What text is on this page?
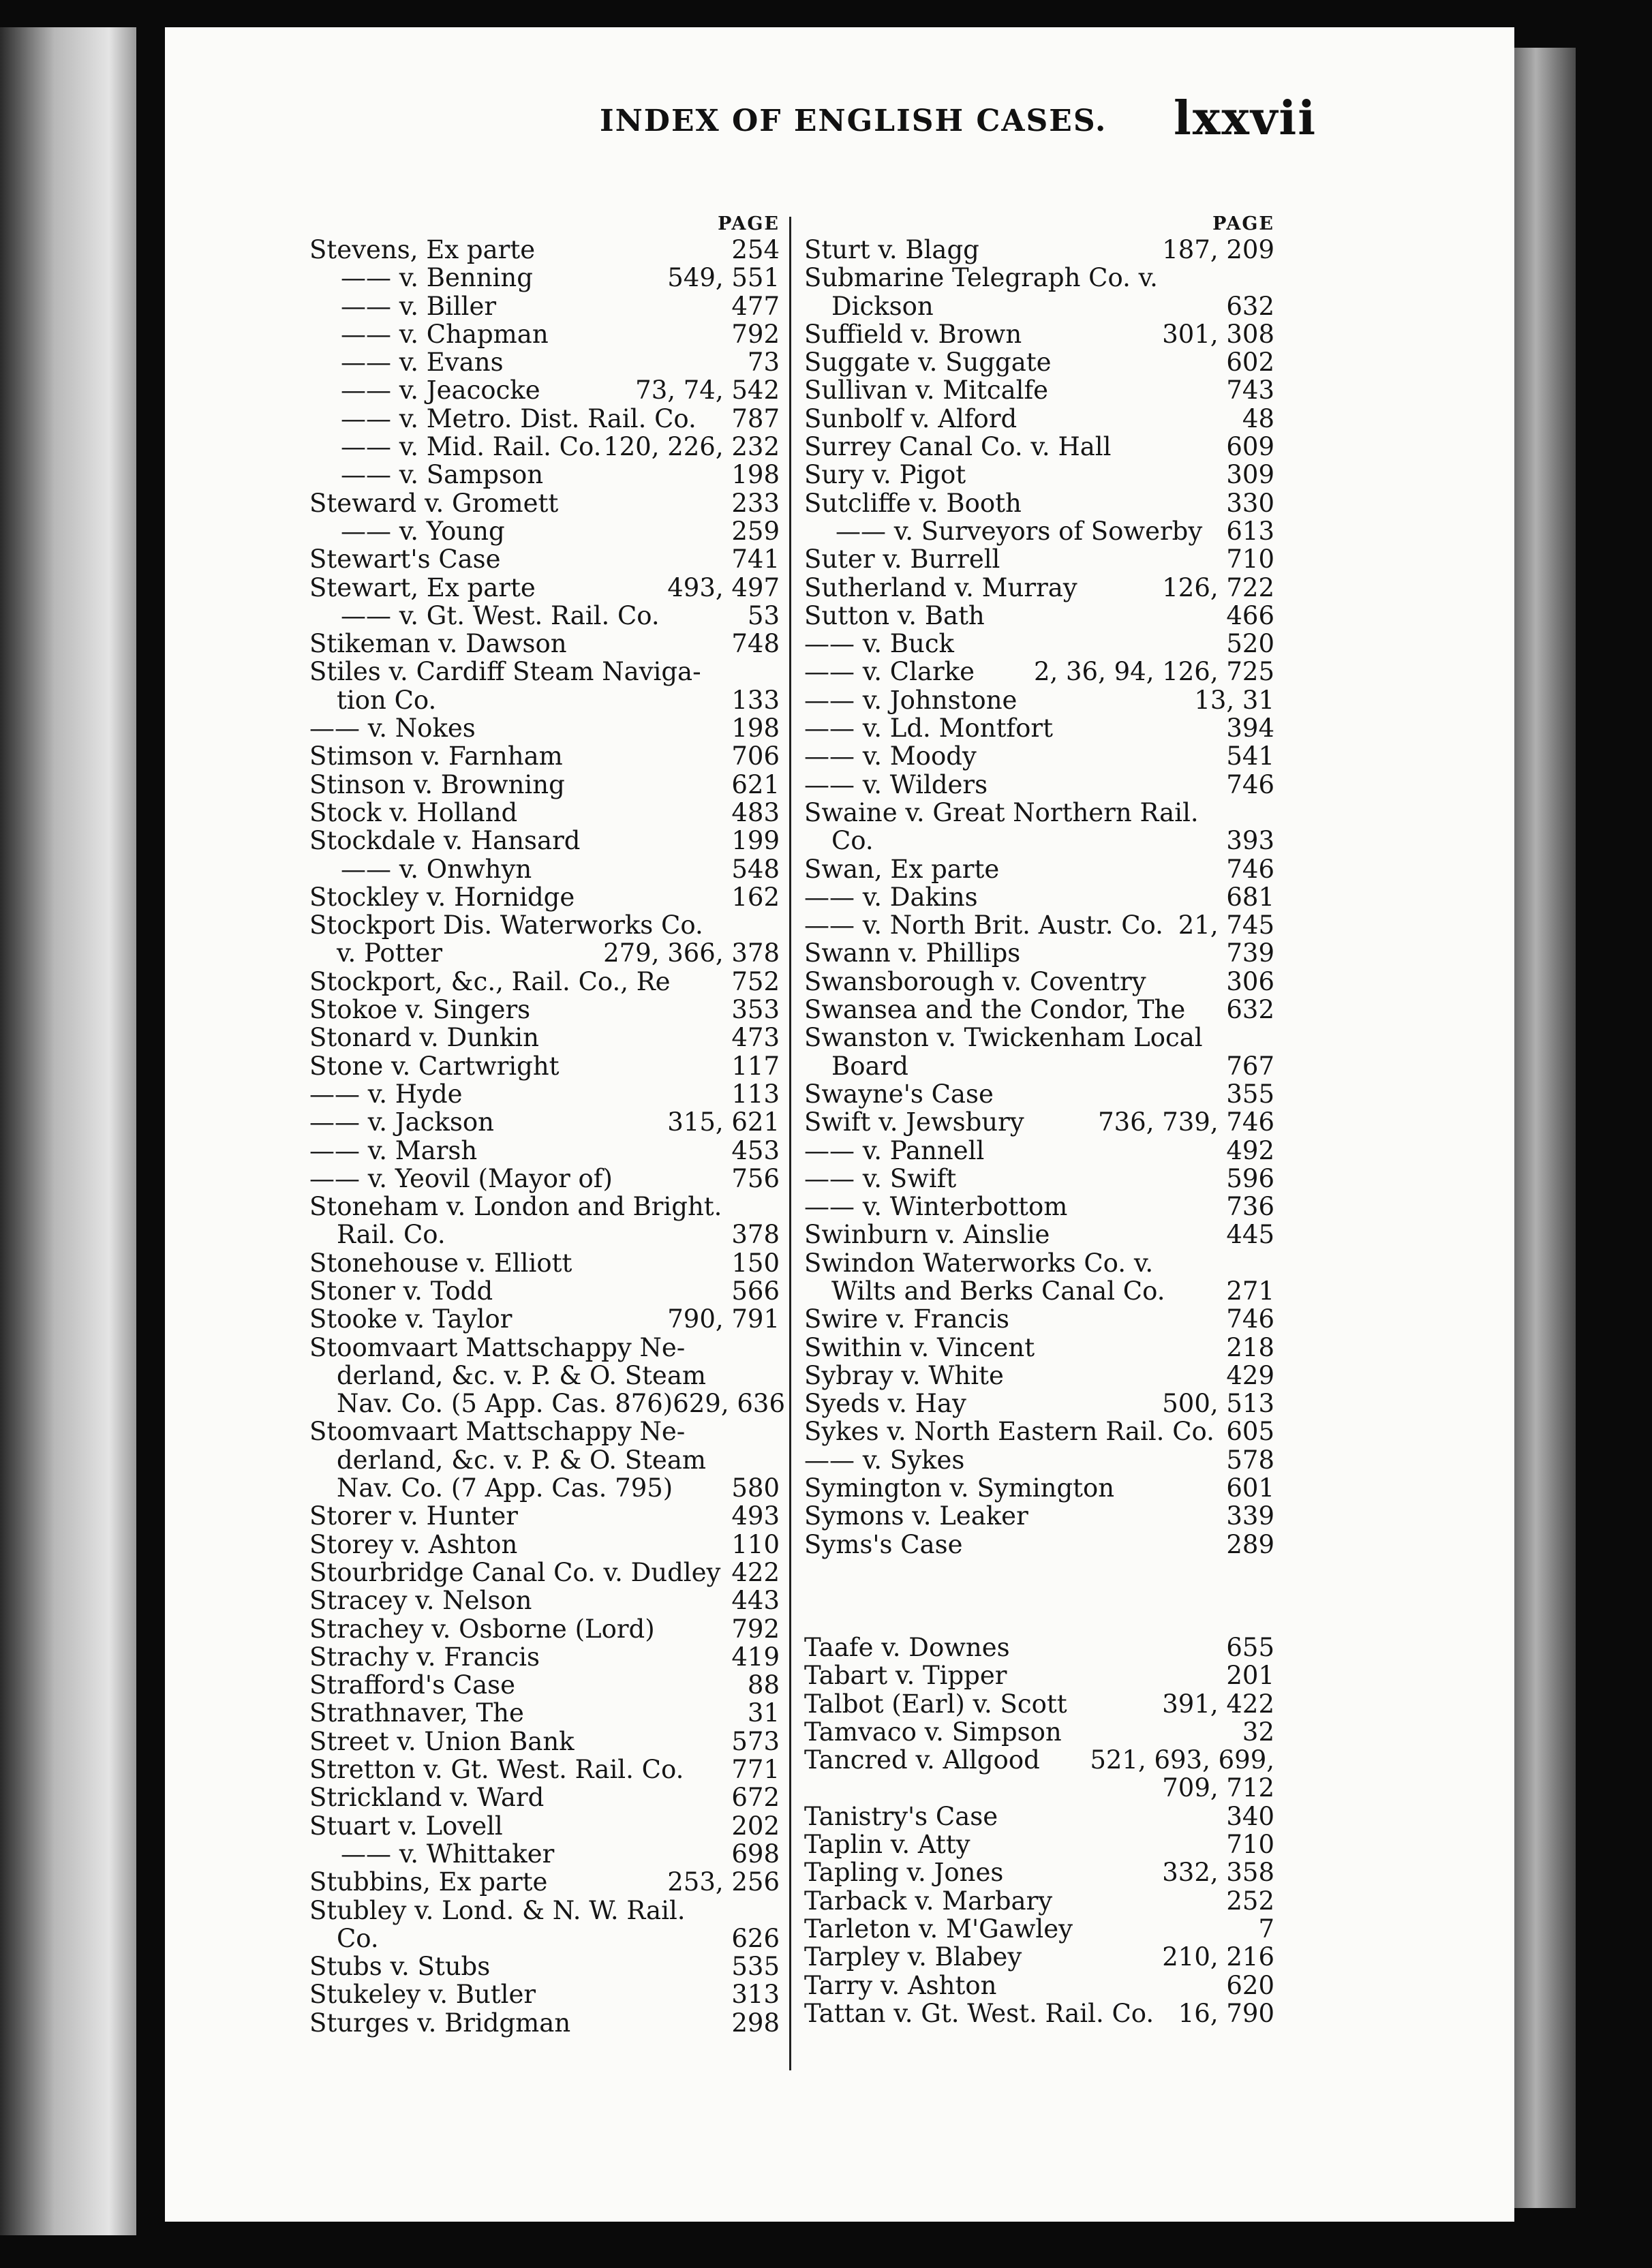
INDEX OF ENGLISH CASES. lxxvii
PAGE
Stevens, Ex parte	254
—— v. Benning	549, 551
—— v. Biller	477
—— v. Chapman	792
—— v. Evans	73
—— v. Jeacocke	73, 74, 542
—— v. Metro. Dist. Rail. Co. 787
—— v. Mid. Rail. Co. 120, 226, 232
—— v. Sampson	198
Steward v. Gromett	233
—— v. Young	259
Stewart's Case	741
Stewart, Ex parte	493, 497
—— v. Gt. West. Rail. Co.	53
Stikeman v. Dawson	748
Stiles v. Cardiff Steam Naviga-
tion Co.	133
—— v. Nokes	198
Stimson v. Farnham	706
Stinson v. Browning	621
Stock v. Holland	483
Stockdale v. Hansard	199
—— v. Onwhyn	548
Stockley v. Hornidge	162
Stockport Dis. Waterworks Co.
v. Potter	279, 366, 378
Stockport, &c., Rail. Co., Re 752
Stokoe v. Singers	353
Stonard v. Dunkin	473
Stone v. Cartwright	117
—— v. Hyde	113
—— v. Jackson	315, 621
—— v. Marsh	453
—— v. Yeovil (Mayor of)	756
Stoneham v. London and Bright.
Rail. Co.	378
Stonehouse v. Elliott	150
Stoner v. Todd	566
Stooke v. Taylor	790, 791
Stoomvaart Mattschappy Ne-
derland, &c. v. P. & O. Steam
Nav. Co. (5 App. Cas. 876) 629, 636
Stoomvaart Mattschappy Ne-
derland, &c. v. P. & O. Steam
Nav. Co. (7 App. Cas. 795) 580
Storer v. Hunter	493
Storey v. Ashton	110
Stourbridge Canal Co. v. Dudley 422
Stracey v. Nelson	443
Strachey v. Osborne (Lord)	792
Strachy v. Francis	419
Strafford's Case	88
Strathnaver, The	31
Street v. Union Bank	573
Stretton v. Gt. West. Rail. Co. 771
Strickland v. Ward	672
Stuart v. Lovell	202
—— v. Whittaker	698
Stubbins, Ex parte	253, 256
Stubley v. Lond. & N. W. Rail.
Co.	626
Stubs v. Stubs	535
Stukeley v. Butler	313
Sturges v. Bridgman	298
PAGE
Sturt v. Blagg	187, 209
Submarine Telegraph Co. v.
Dickson	632
Suffield v. Brown	301, 308
Suggate v. Suggate	602
Sullivan v. Mitcalfe	743
Sunbolf v. Alford	48
Surrey Canal Co. v. Hall	609
Sury v. Pigot	309
Sutcliffe v. Booth	330
—— v. Surveyors of Sowerby 613
Suter v. Burrell	710
Sutherland v. Murray	126, 722
Sutton v. Bath	466
—— v. Buck	520
—— v. Clarke 2, 36, 94, 126, 725
—— v. Johnstone	13, 31
—— v. Ld. Montfort	394
—— v. Moody	541
—— v. Wilders	746
Swaine v. Great Northern Rail.
Co.	393
Swan, Ex parte	746
—— v. Dakins	681
—— v. North Brit. Austr. Co. 21, 745
Swann v. Phillips	739
Swansborough v. Coventry	306
Swansea and the Condor, The 632
Swanston v. Twickenham Local
Board	767
Swayne's Case	355
Swift v. Jewsbury	736, 739, 746
—— v. Pannell	492
—— v. Swift	596
—— v. Winterbottom	736
Swinburn v. Ainslie	445
Swindon Waterworks Co. v.
Wilts and Berks Canal Co. 271
Swire v. Francis	746
Swithin v. Vincent	218
Sybray v. White	429
Syeds v. Hay	500, 513
Sykes v. North Eastern Rail. Co. 605
—— v. Sykes	578
Symington v. Symington	601
Symons v. Leaker	339
Syms's Case	289
Taafe v. Downes	655
Tabart v. Tipper	201
Talbot (Earl) v. Scott	391, 422
Tamvaco v. Simpson	32
Tancred v. Allgood 521, 693, 699,
709, 712
Tanistry's Case	340
Taplin v. Atty	710
Tapling v. Jones	332, 358
Tarback v. Marbary	252
Tarleton v. M'Gawley	7
Tarpley v. Blabey	210, 216
Tarry v. Ashton	620
Tattan v. Gt. West. Rail. Co. 16, 790
